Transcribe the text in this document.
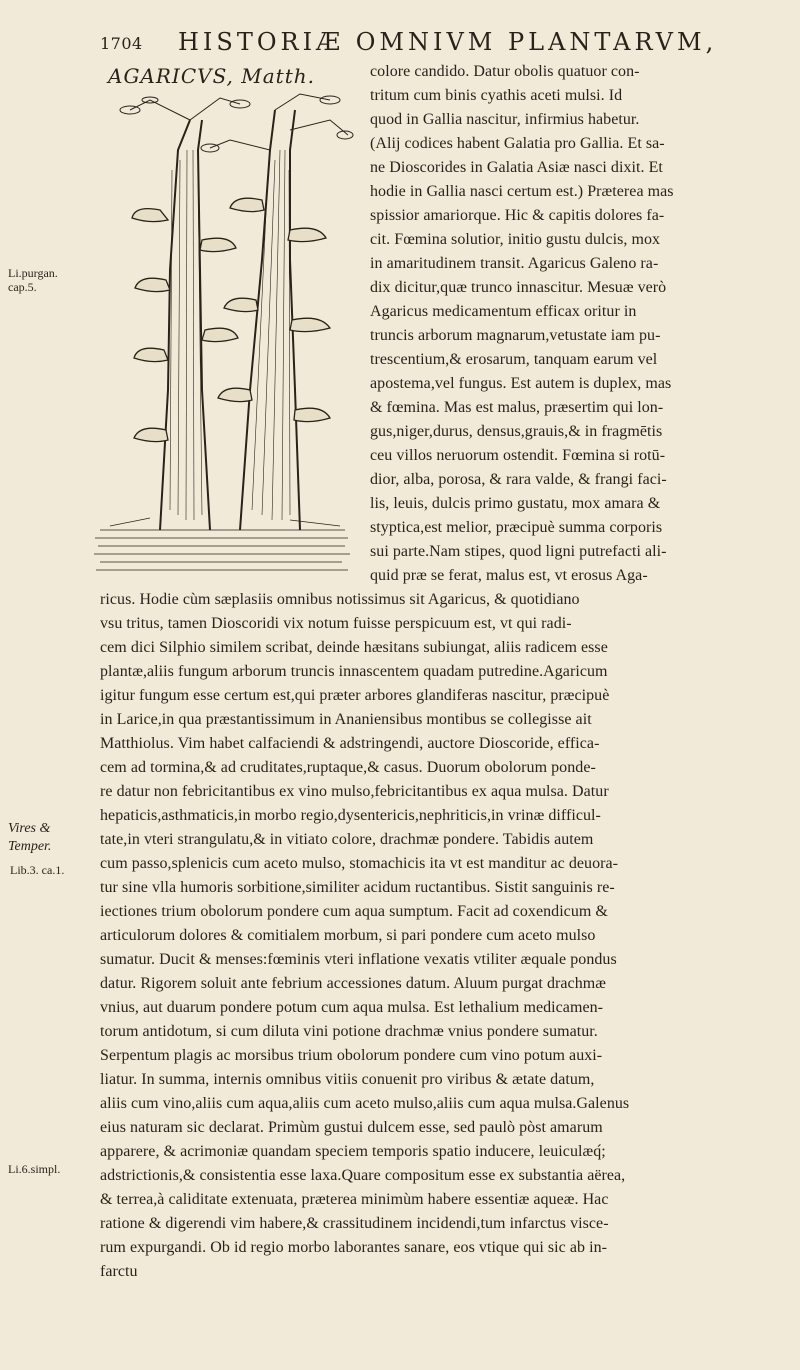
1704 HISTORIÆ OMNIVM PLANTARVM,
AGARICVS, Matth.
Li.purgan.
cap.5.
Vires &
Temper.
Lib.3. ca.1.
Li.6.simpl.
colore candido. Datur obolis quatuor con-
tritum cum binis cyathis aceti mulsi. Id
quod in Gallia nascitur, infirmius habetur.
(Alij codices habent Galatia pro Gallia. Et sa-
ne Dioscorides in Galatia Asiæ nasci dixit. Et
hodie in Gallia nasci certum est.) Præterea mas
spissior amariorque. Hic & capitis dolores fa-
cit. Fœmina solutior, initio gustu dulcis, mox
in amaritudinem transit. Agaricus Galeno ra-
dix dicitur,quæ trunco innascitur. Mesuæ verò
Agaricus medicamentum efficax oritur in
truncis arborum magnarum,vetustate iam pu-
trescentium,& erosarum, tanquam earum vel
apostema,vel fungus. Est autem is duplex, mas
& fœmina. Mas est malus, præsertim qui lon-
gus,niger,durus, densus,grauis,& in fragmētis
ceu villos neruorum ostendit. Fœmina si rotū-
dior, alba, porosa, & rara valde, & frangi faci-
lis, leuis, dulcis primo gustatu, mox amara &
styptica,est melior, præcipuè summa corporis
sui parte.Nam stipes, quod ligni putrefacti ali-
quid præ se ferat, malus est, vt erosus Aga-
ricus. Hodie cùm sæplasiis omnibus notissimus sit Agaricus, & quotidiano
vsu tritus, tamen Dioscoridi vix notum fuisse perspicuum est, vt qui radi-
cem dici Silphio similem scribat, deinde hæsitans subiungat, aliis radicem esse
plantæ,aliis fungum arborum truncis innascentem quadam putredine.Agaricum
igitur fungum esse certum est,qui præter arbores glandiferas nascitur, præcipuè
in Larice,in qua præstantissimum in Ananiensibus montibus se collegisse ait
Matthiolus. Vim habet calfaciendi & adstringendi, auctore Dioscoride, effica-
cem ad tormina,& ad cruditates,ruptaque,& casus. Duorum obolorum ponde-
re datur non febricitantibus ex vino mulso,febricitantibus ex aqua mulsa. Datur
hepaticis,asthmaticis,in morbo regio,dysentericis,nephriticis,in vrinæ difficul-
tate,in vteri strangulatu,& in vitiato colore, drachmæ pondere. Tabidis autem
cum passo,splenicis cum aceto mulso, stomachicis ita vt est manditur ac deuora-
tur sine vlla humoris sorbitione,similiter acidum ructantibus. Sistit sanguinis re-
iectiones trium obolorum pondere cum aqua sumptum. Facit ad coxendicum &
articulorum dolores & comitialem morbum, si pari pondere cum aceto mulso
sumatur. Ducit & menses:fœminis vteri inflatione vexatis vtiliter æquale pondus
datur. Rigorem soluit ante febrium accessiones datum. Aluum purgat drachmæ
vnius, aut duarum pondere potum cum aqua mulsa. Est lethalium medicamen-
torum antidotum, si cum diluta vini potione drachmæ vnius pondere sumatur.
Serpentum plagis ac morsibus trium obolorum pondere cum vino potum auxi-
liatur. In summa, internis omnibus vitiis conuenit pro viribus & ætate datum,
aliis cum vino,aliis cum aqua,aliis cum aceto mulso,aliis cum aqua mulsa.Galenus
eius naturam sic declarat. Primùm gustui dulcem esse, sed paulò pòst amarum
apparere, & acrimoniæ quandam speciem temporis spatio inducere, leuiculæq́;
adstrictionis,& consistentia esse laxa.Quare compositum esse ex substantia aërea,
& terrea,à caliditate extenuata, præterea minimùm habere essentiæ aqueæ. Hac
ratione & digerendi vim habere,& crassitudinem incidendi,tum infarctus visce-
rum expurgandi. Ob id regio morbo laborantes sanare, eos vtique qui sic ab in-
farctu
